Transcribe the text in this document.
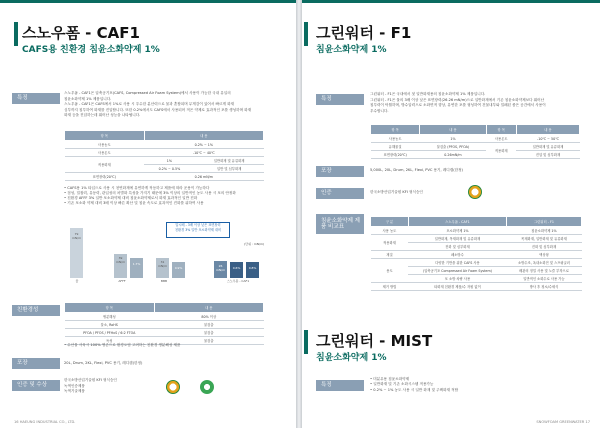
스노우폼 - CAF1
CAFS용 친환경 침윤소화약제 1%
특징
스노우폼 - CAF1은 압축공기포(CAFS, Compressed Air Foam System)에서 사용이 가능한 국내 유일의
침윤소화약제 1% 제품입니다.
스노우폼 - CAF1은 CAFS에서 1%로 사용 시 우수한 분산력으로 물과 혼합되며 무게감이 있어서 빠르게 화재
심부까지 침투하여 화재를 진압합니다. 또한 0.2%에서도 CAFS에서 사용되어 적은 약제로 효과적인 포를 생성하며 화재
화재 등을 진압하는데 뛰어난 성능을 나타냅니다.
항 목	내 용	
사용농도	0.2% ~ 1%	
사용온도	-10℃ ~ 40℃	
적용화재	1%	일반화재 및 유류화재
	0.2% ~ 0.5%	일반 및 심부화재
표면장력(20℃)	0.26 mN/m	
• CAFS용 1% 타입으로 사용 시 천연화재에 유연하게 작동하고 제품에 따라 운용이 가능하다
• 점성, 밀집력, 유동력, 관입성의 차별화 특성을 가지기 때문에 3% 이상의 일반적인 농도 사용 시 포의 안정화
• 친환경 AFFF 3% 일반 포소화약제 대비 침윤소화약제로서 화재 효과적인 일반 진화
• 기존 포소화 약제 대비 3배 이상 빠른 확산 및 침윤 속도로 효과적인 진화를 위하여 사용
79 mN/m
39 mN/m	1.7%	31 mN/m	0.9%	26 mN/m	0.6%	0.8%
물	AFFF	BBB	스노우폼 - CAF1
압시베 - 3배 이상 낮은 표면장력
친환경 3% 일반 포소화약제 대비
(단위 : mN/m)
친환경성	항 목	내 용
생분해성	80% 이상
불소, RoHS	불검출
PFOA / PFOS / PFHxS / 6:2 FTOA	불검출
독성	물검출
• 수산물 사육시 100% 생존으로 환경오염 고려하는 친환경 생분해성 제품
포장	20L, Drum, 2KL, Flexi, PVC 용기, 레디캡(한정)
인증 및 수상
한국소방산업기술원 KFI 형식승인
녹색인증제품
녹색기술제품
16 HAEUNG INDUSTRIAL CO., LTD.
그린워터 - F1
침윤소화약제 1%
특징
그린워터 - F1은 국내에서 첫 일반화재용의 침윤소화약제 1% 제품입니다.
그린워터 - F1은 물의 3배 이상 낮은 표면장력(26.26 mN/m)으로 일반화재에서 기존 침윤소화약제보다 뛰어난
침투력이 탁월하며, 방수압력으로 소화면적 향상, 유연한 포를 형성하여 건물내부와 밀폐된 좁은 공간에서 사용이
우수합니다.
항 목	내 용	항 목	내 용
사용농도	1%	사용온도	-10℃ ~ 50℃
유해물질	불검출 (PFOS, PFOA)	적용화재	일반화재 및 유류화재
표면장력(20℃)	0.26mN/m		진압 및 심부화재
포장	5,000L, 20L, Drum, 2KL, Flexi, PVC 용기, 레디캡(한정)
인증	한국소방산업기술원 KFI 형식승인
침윤소화약제 제품 비교표
구 분	스노우폼 - CAF1	그린워터 - F1
사용 농도	포소화약제 1%	침윤소화약제 1%
적용화재	일반화재, 목재화재 및 유류화재	목재화재, 일반화재 및 유류화재
	진화 및 심부화재	진화 및 심부화재
재질	폐소방수	액상형
용도	다양한 기반을 위한 CAFS 사용	소방수조, 옥내소화전 및 스프링클러
	(압축공기포 Compressed Air Foam System)	배관의 정밀 사용 및 노즐 부착으로
	포 소방 차량 사용	일반적인 소화수로 사용 가능
제거 방법	타화재 친환경 제품/수 자원 없이	방사 후 청소/수세식
그린워터 - MIST
침윤소화약제 1%
특징
• 미분무용 침윤소화약제
• 일반화재 및 기존 소화시스템 적용가능
• 0.2% ~ 1% 농도 사용 시 일반 화재 및 주택화재 적합
SNOWFOAM GREENWATER 17
